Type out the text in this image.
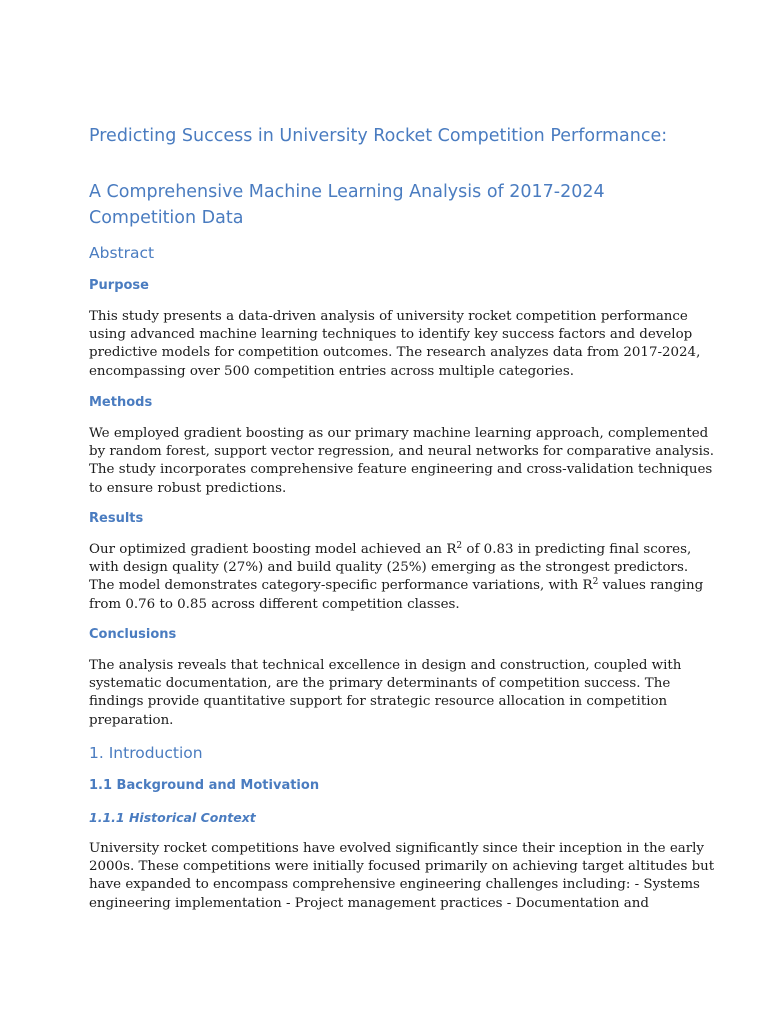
Predicting Success in University Rocket Competition Performance:
A Comprehensive Machine Learning Analysis of 2017-2024 Competition Data
Abstract
Purpose

This study presents a data-driven analysis of university rocket competition performance
using advanced machine learning techniques to identify key success factors and develop
predictive models for competition outcomes. The research analyzes data from 2017-2024,
encompassing over 500 competition entries across multiple categories.

Methods

We employed gradient boosting as our primary machine learning approach, complemented
by random forest, support vector regression, and neural networks for comparative analysis.
The study incorporates comprehensive feature engineering and cross-validation techniques
to ensure robust predictions.

Results

Our optimized gradient boosting model achieved an $R^2$ of 0.83 in predicting final scores,
with design quality (27%) and build quality (25%) emerging as the strongest predictors.
The model demonstrates category-specific performance variations, with $R^2$ values ranging
from 0.76 to 0.85 across different competition classes.

Conclusions

The analysis reveals that technical excellence in design and construction, coupled with
systematic documentation, are the primary determinants of competition success. The
findings provide quantitative support for strategic resource allocation in competition
preparation.

1. Introduction
1.1 Background and Motivation
1.1.1 Historical Context

University rocket competitions have evolved significantly since their inception in the early
2000s. These competitions were initially focused primarily on achieving target altitudes but
have expanded to encompass comprehensive engineering challenges including: - Systems
engineering implementation - Project management practices - Documentation and
